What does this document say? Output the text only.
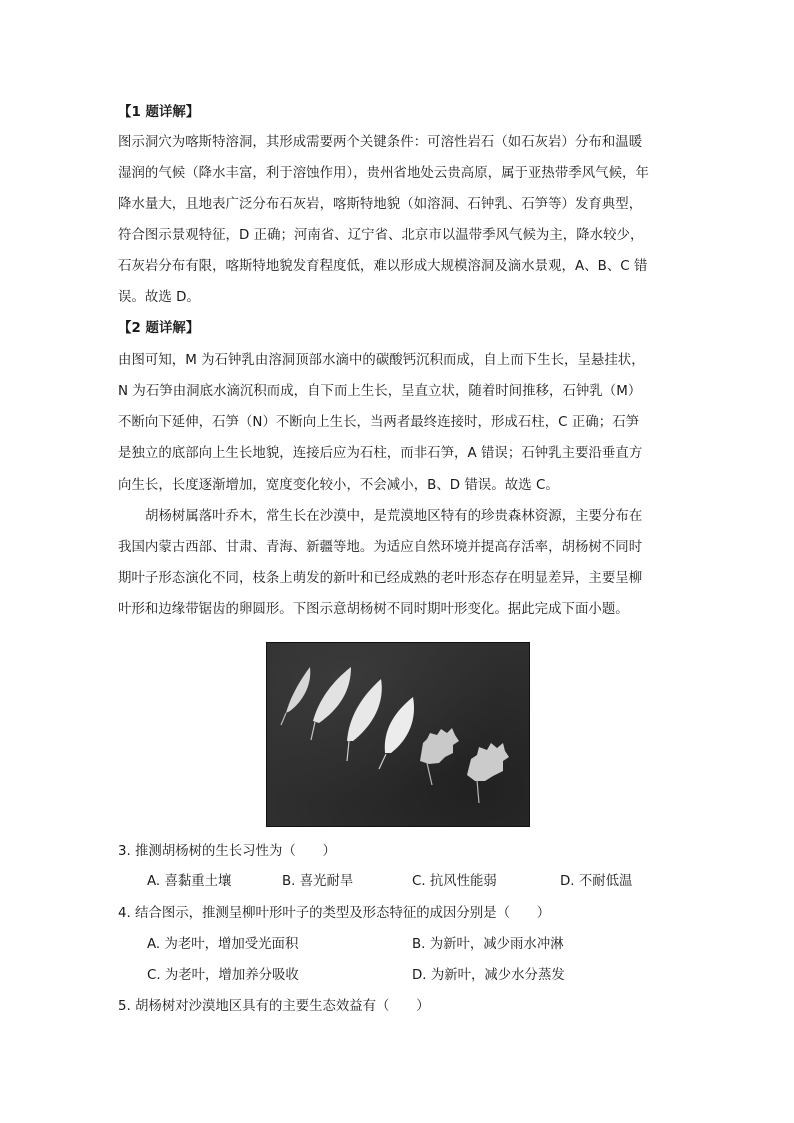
【1 题详解】
图示洞穴为喀斯特溶洞，其形成需要两个关键条件：可溶性岩石（如石灰岩）分布和温暖
湿润的气候（降水丰富，利于溶蚀作用），贵州省地处云贵高原，属于亚热带季风气候，年
降水量大，且地表广泛分布石灰岩，喀斯特地貌（如溶洞、石钟乳、石笋等）发育典型，
符合图示景观特征，D 正确；河南省、辽宁省、北京市以温带季风气候为主，降水较少，
石灰岩分布有限，喀斯特地貌发育程度低，难以形成大规模溶洞及滴水景观，A、B、C 错
误。故选 D。
【2 题详解】
由图可知，M 为石钟乳由溶洞顶部水滴中的碳酸钙沉积而成，自上而下生长，呈悬挂状，
N 为石笋由洞底水滴沉积而成，自下而上生长，呈直立状，随着时间推移，石钟乳（M）
不断向下延伸，石笋（N）不断向上生长，当两者最终连接时，形成石柱，C 正确；石笋
是独立的底部向上生长地貌，连接后应为石柱，而非石笋，A 错误；石钟乳主要沿垂直方
向生长，长度逐渐增加，宽度变化较小，不会减小，B、D 错误。故选 C。
胡杨树属落叶乔木，常生长在沙漠中，是荒漠地区特有的珍贵森林资源，主要分布在
我国内蒙古西部、甘肃、青海、新疆等地。为适应自然环境并提高存活率，胡杨树不同时
期叶子形态演化不同，枝条上萌发的新叶和已经成熟的老叶形态存在明显差异，主要呈柳
叶形和边缘带锯齿的卵圆形。下图示意胡杨树不同时期叶形变化。据此完成下面小题。
3. 推测胡杨树的生长习性为（　　）
A. 喜黏重土壤	B. 喜光耐旱	C. 抗风性能弱	D. 不耐低温
4. 结合图示，推测呈柳叶形叶子的类型及形态特征的成因分别是（　　）
A. 为老叶，增加受光面积	B. 为新叶，减少雨水冲淋
C. 为老叶，增加养分吸收	D. 为新叶，减少水分蒸发
5. 胡杨树对沙漠地区具有的主要生态效益有（　　）
